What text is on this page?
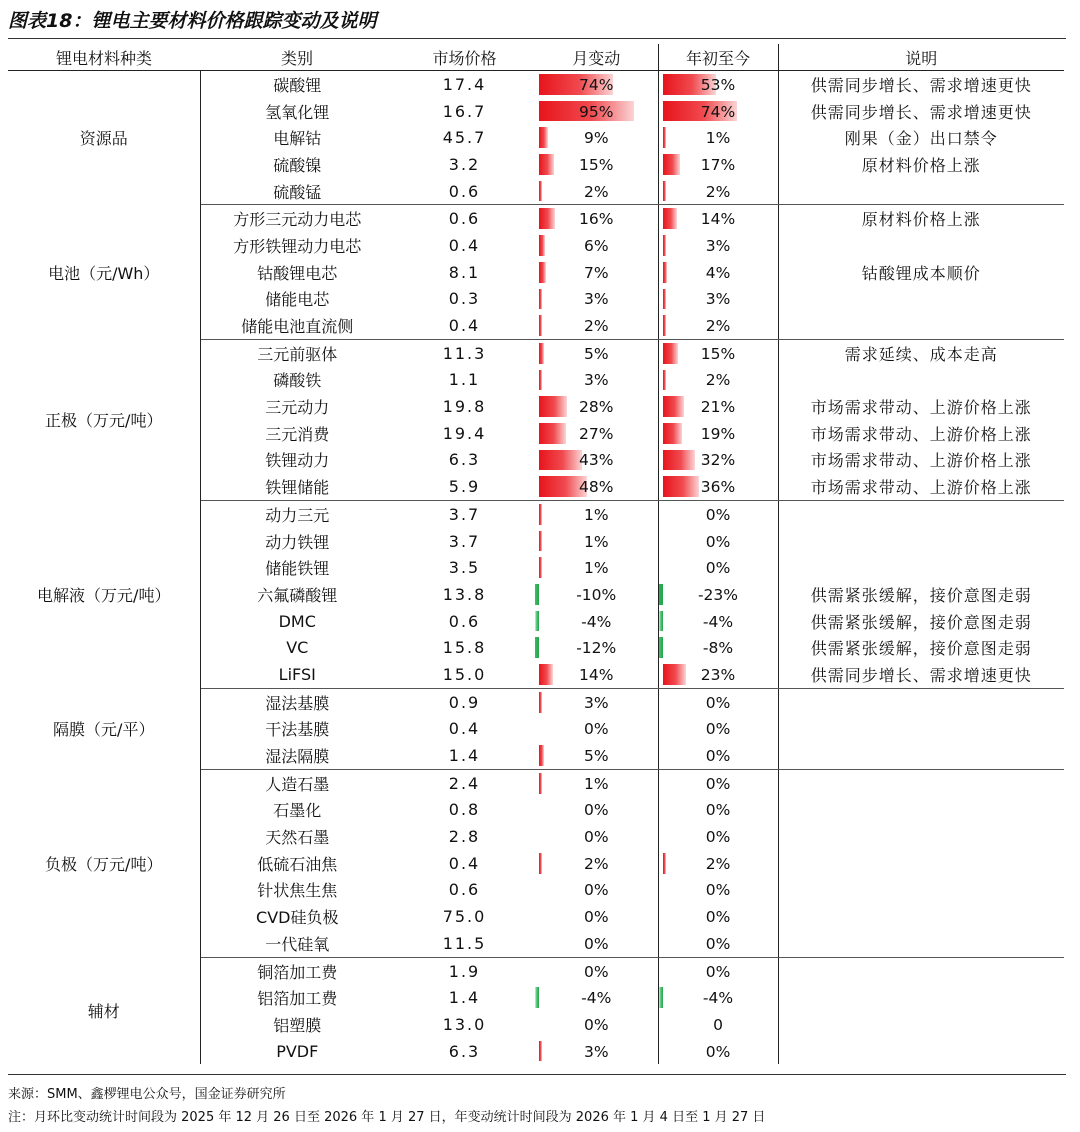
图表18：锂电主要材料价格跟踪变动及说明
锂电材料种类	类别	市场价格	月变动	年初至今	说明
资源品	碳酸锂	17.4	74%	53%	供需同步增长、需求增速更快
	氢氧化锂	16.7	95%	74%	供需同步增长、需求增速更快
	电解钴	45.7	9%	1%	刚果（金）出口禁令
	硫酸镍	3.2	15%	17%	原材料价格上涨
	硫酸锰	0.6	2%	2%	
电池（元/Wh）	方形三元动力电芯	0.6	16%	14%	原材料价格上涨
	方形铁锂动力电芯	0.4	6%	3%	
	钴酸锂电芯	8.1	7%	4%	钴酸锂成本顺价
	储能电芯	0.3	3%	3%	
	储能电池直流侧	0.4	2%	2%	
正极（万元/吨）	三元前驱体	11.3	5%	15%	需求延续、成本走高
	磷酸铁	1.1	3%	2%	
	三元动力	19.8	28%	21%	市场需求带动、上游价格上涨
	三元消费	19.4	27%	19%	市场需求带动、上游价格上涨
	铁锂动力	6.3	43%	32%	市场需求带动、上游价格上涨
	铁锂储能	5.9	48%	36%	市场需求带动、上游价格上涨
电解液（万元/吨）	动力三元	3.7	1%	0%	
	动力铁锂	3.7	1%	0%	
	储能铁锂	3.5	1%	0%	
	六氟磷酸锂	13.8	-10%	-23%	供需紧张缓解，接价意图走弱
	DMC	0.6	-4%	-4%	供需紧张缓解，接价意图走弱
	VC	15.8	-12%	-8%	供需紧张缓解，接价意图走弱
	LiFSI	15.0	14%	23%	供需同步增长、需求增速更快
隔膜（元/平）	湿法基膜	0.9	3%	0%	
	干法基膜	0.4	0%	0%	
	湿法隔膜	1.4	5%	0%	
负极（万元/吨）	人造石墨	2.4	1%	0%	
	石墨化	0.8	0%	0%	
	天然石墨	2.8	0%	0%	
	低硫石油焦	0.4	2%	2%	
	针状焦生焦	0.6	0%	0%	
	CVD硅负极	75.0	0%	0%	
	一代硅氧	11.5	0%	0%	
辅材	铜箔加工费	1.9	0%	0%	
	铝箔加工费	1.4	-4%	-4%	
	铝塑膜	13.0	0%	0	
	PVDF	6.3	3%	0%	
来源：SMM、鑫椤锂电公众号，国金证券研究所
注：月环比变动统计时间段为 2025 年 12 月 26 日至 2026 年 1 月 27 日，年变动统计时间段为 2026 年 1 月 4 日至 1 月 27 日
